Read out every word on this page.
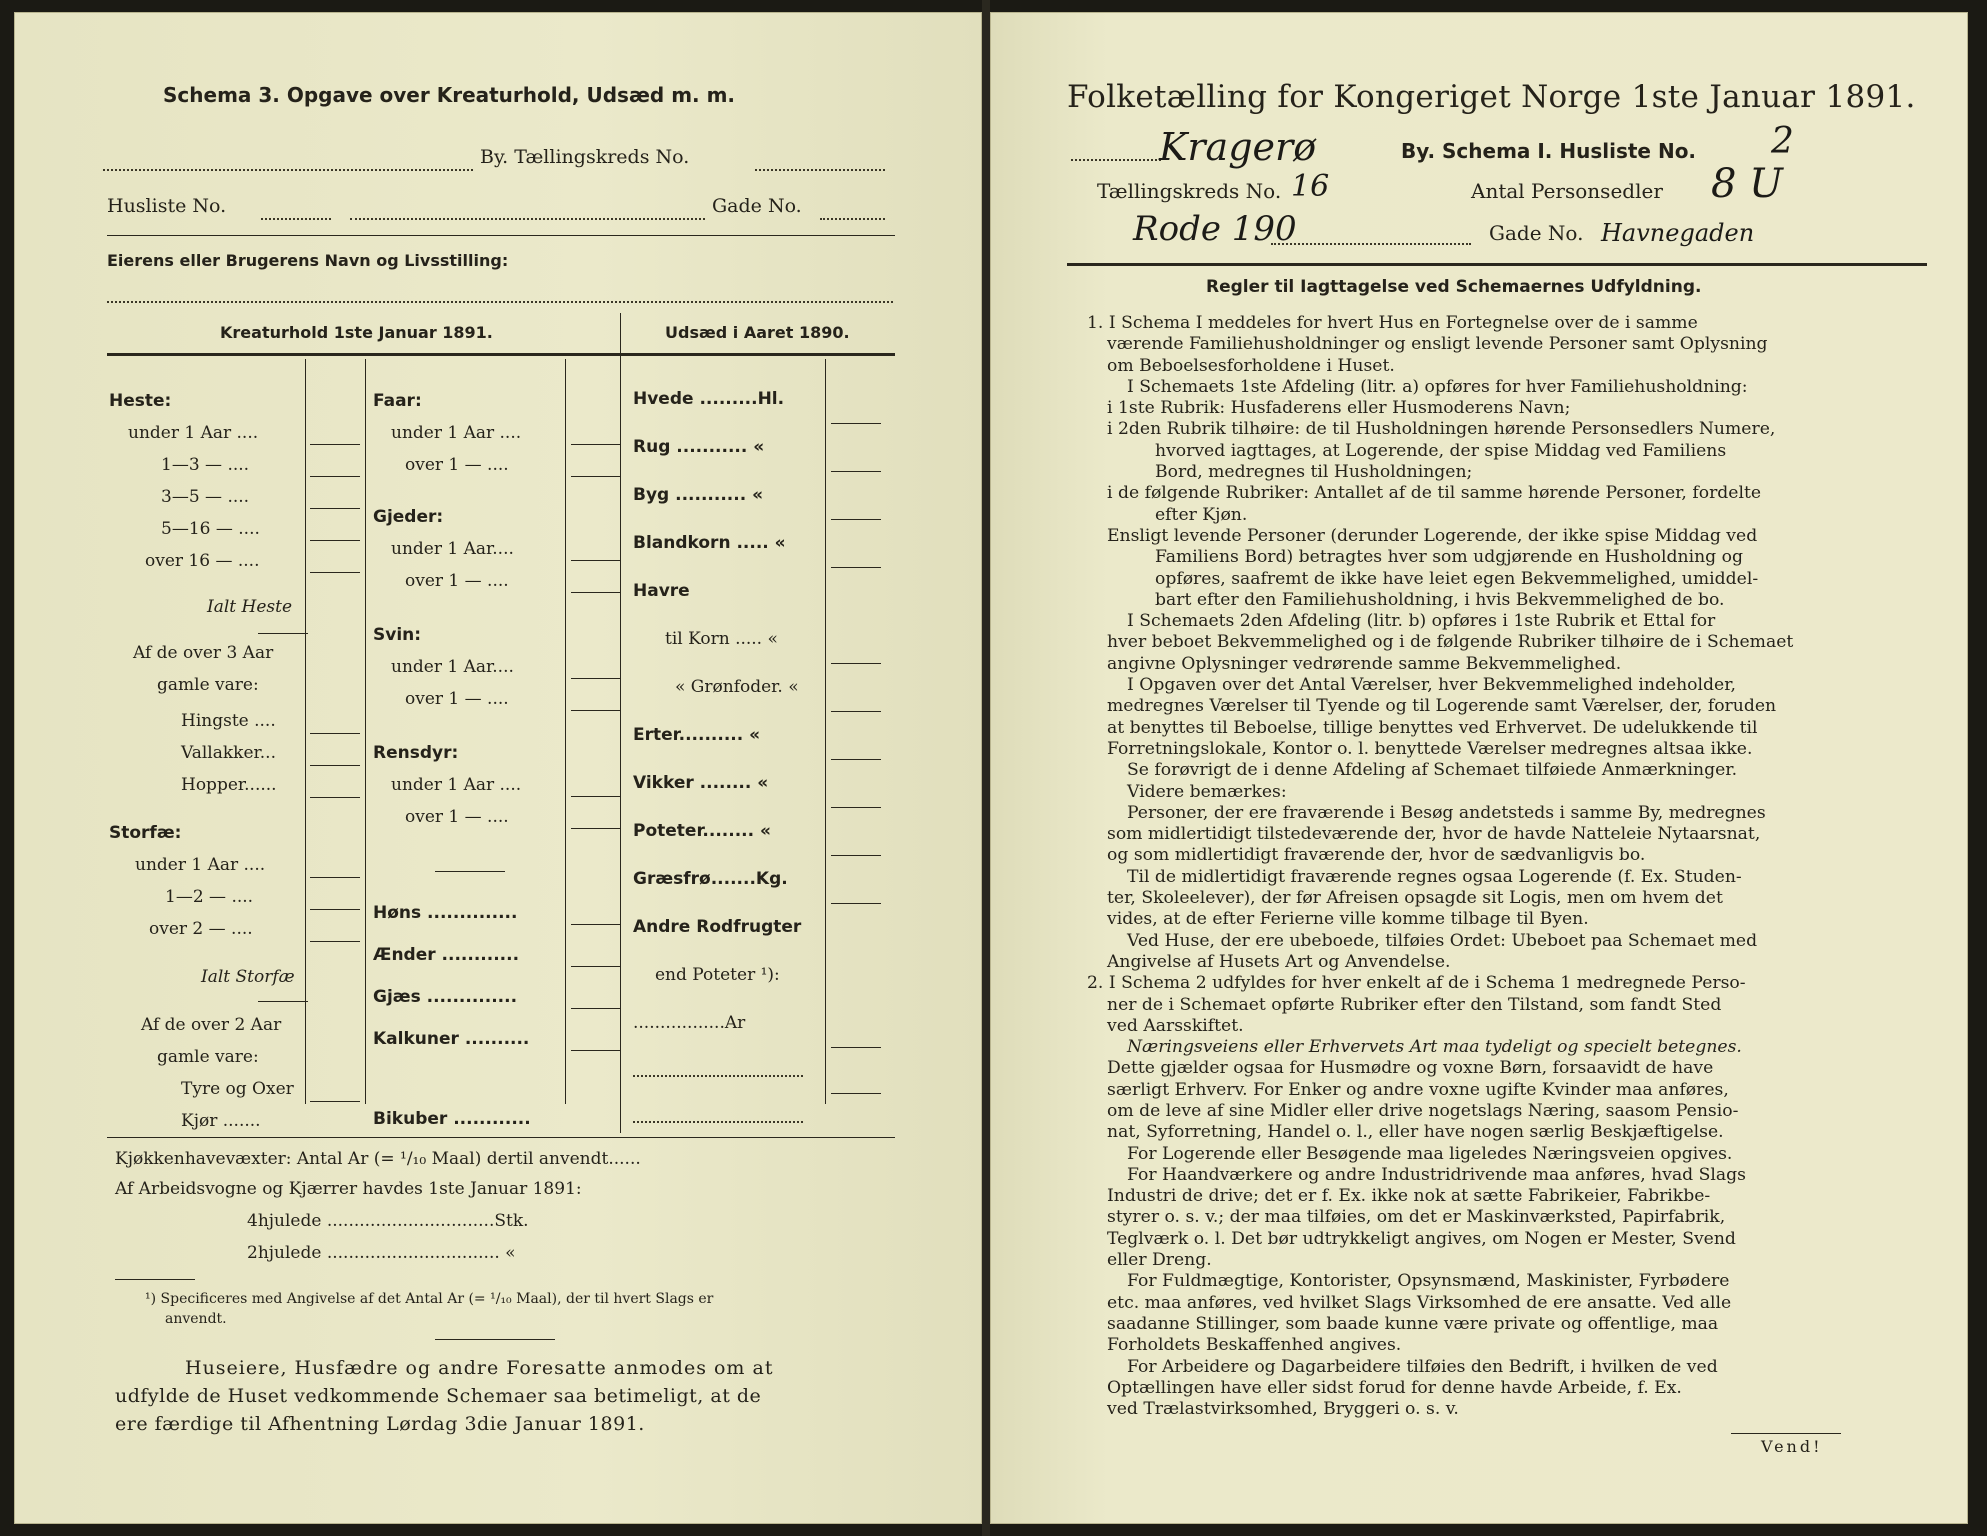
Schema 3. Opgave over Kreaturhold, Udsæd m. m.
By. Tællingskreds No.
Husliste No.	Gade No.
Eierens eller Brugerens Navn og Livsstilling:
Kreaturhold 1ste Januar 1891.	Udsæd i Aaret 1890.
Heste:
under 1 Aar ....
1—3 — ....
3—5 — ....
5—16 — ....
over 16 — ....
Ialt Heste
Af de over 3 Aar
gamle vare:
Hingste ....
Vallakker...
Hopper......
Storfæ:
under 1 Aar ....
1—2 — ....
over 2 — ....
Ialt Storfæ
Af de over 2 Aar
gamle vare:
Tyre og Oxer
Kjør .......
Faar:
under 1 Aar ....
over 1 — ....
Gjeder:
under 1 Aar....
over 1 — ....
Svin:
under 1 Aar....
over 1 — ....
Rensdyr:
under 1 Aar ....
over 1 — ....
Høns ..............
Ænder ............
Gjæs ..............
Kalkuner ..........
Bikuber ............
Hvede .........Hl.
Rug ........... «
Byg ........... «
Blandkorn ..... «
Havre
til Korn ..... «
« Grønfoder. «
Erter.......... «
Vikker ........ «
Poteter........ «
Græsfrø.......Kg.
Andre Rodfrugter
end Poteter ¹):
.................Ar
Kjøkkenhavevæxter: Antal Ar (= ¹/₁₀ Maal) dertil anvendt......
Af Arbeidsvogne og Kjærrer havdes 1ste Januar 1891:
4hjulede ...............................Stk.
2hjulede ................................ «
¹) Specificeres med Angivelse af det Antal Ar (= ¹/₁₀ Maal), der til hvert Slags er
anvendt.
Huseiere, Husfædre og andre Foresatte anmodes om at
udfylde de Huset vedkommende Schemaer saa betimeligt, at de
ere færdige til Afhentning Lørdag 3die Januar 1891.
Folketælling for Kongeriget Norge 1ste Januar 1891.
Kragerø	By. Schema I. Husliste No. 2
Tællingskreds No. 16	Antal Personsedler 8 U
Rode 190	Gade No. Havnegaden
Regler til Iagttagelse ved Schemaernes Udfyldning.

1. I Schema I meddeles for hvert Hus en Fortegnelse over de i samme

værende Familiehusholdninger og ensligt levende Personer samt Oplysning

om Beboelsesforholdene i Huset.

I Schemaets 1ste Afdeling (litr. a) opføres for hver Familiehusholdning:

i 1ste Rubrik: Husfaderens eller Husmoderens Navn;

i 2den Rubrik tilhøire: de til Husholdningen hørende Personsedlers Numere,

hvorved iagttages, at Logerende, der spise Middag ved Familiens

Bord, medregnes til Husholdningen;

i de følgende Rubriker: Antallet af de til samme hørende Personer, fordelte

efter Kjøn.

Ensligt levende Personer (derunder Logerende, der ikke spise Middag ved

Familiens Bord) betragtes hver som udgjørende en Husholdning og

opføres, saafremt de ikke have leiet egen Bekvemmelighed, umiddel-

bart efter den Familiehusholdning, i hvis Bekvemmelighed de bo.

I Schemaets 2den Afdeling (litr. b) opføres i 1ste Rubrik et Ettal for

hver beboet Bekvemmelighed og i de følgende Rubriker tilhøire de i Schemaet

angivne Oplysninger vedrørende samme Bekvemmelighed.

I Opgaven over det Antal Værelser, hver Bekvemmelighed indeholder,

medregnes Værelser til Tyende og til Logerende samt Værelser, der, foruden

at benyttes til Beboelse, tillige benyttes ved Erhvervet. De udelukkende til

Forretningslokale, Kontor o. l. benyttede Værelser medregnes altsaa ikke.

Se forøvrigt de i denne Afdeling af Schemaet tilføiede Anmærkninger.

Videre bemærkes:

Personer, der ere fraværende i Besøg andetsteds i samme By, medregnes

som midlertidigt tilstedeværende der, hvor de havde Natteleie Nytaarsnat,

og som midlertidigt fraværende der, hvor de sædvanligvis bo.

Til de midlertidigt fraværende regnes ogsaa Logerende (f. Ex. Studen-

ter, Skoleelever), der før Afreisen opsagde sit Logis, men om hvem det

vides, at de efter Ferierne ville komme tilbage til Byen.

Ved Huse, der ere ubeboede, tilføies Ordet: Ubeboet paa Schemaet med

Angivelse af Husets Art og Anvendelse.

2. I Schema 2 udfyldes for hver enkelt af de i Schema 1 medregnede Perso-

ner de i Schemaet opførte Rubriker efter den Tilstand, som fandt Sted

ved Aarsskiftet.

Næringsveiens eller Erhvervets Art maa tydeligt og specielt betegnes.

Dette gjælder ogsaa for Husmødre og voxne Børn, forsaavidt de have

særligt Erhverv. For Enker og andre voxne ugifte Kvinder maa anføres,

om de leve af sine Midler eller drive nogetslags Næring, saasom Pensio-

nat, Syforretning, Handel o. l., eller have nogen særlig Beskjæftigelse.

For Logerende eller Besøgende maa ligeledes Næringsveien opgives.

For Haandværkere og andre Industridrivende maa anføres, hvad Slags

Industri de drive; det er f. Ex. ikke nok at sætte Fabrikeier, Fabrikbe-

styrer o. s. v.; der maa tilføies, om det er Maskinværksted, Papirfabrik,

Teglværk o. l. Det bør udtrykkeligt angives, om Nogen er Mester, Svend

eller Dreng.

For Fuldmægtige, Kontorister, Opsynsmænd, Maskinister, Fyrbødere

etc. maa anføres, ved hvilket Slags Virksomhed de ere ansatte. Ved alle

saadanne Stillinger, som baade kunne være private og offentlige, maa

Forholdets Beskaffenhed angives.

For Arbeidere og Dagarbeidere tilføies den Bedrift, i hvilken de ved

Optællingen have eller sidst forud for denne havde Arbeide, f. Ex.

ved Trælastvirksomhed, Bryggeri o. s. v.

Vend!
